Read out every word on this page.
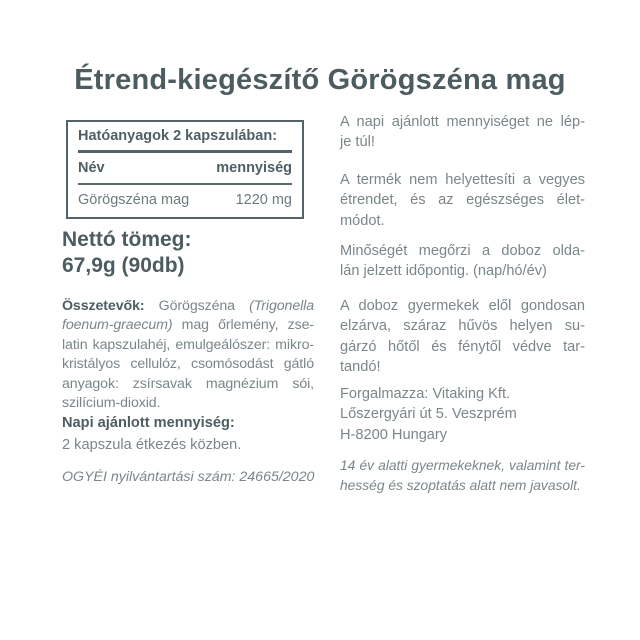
Étrend-kiegészítő Görögszéna mag
Hatóanyagok 2 kapszulában:
Név	mennyiség
Görögszéna mag	1220 mg
Nettó tömeg:
67,9g (90db)
Összetevők: Görögszéna (Trigonella
foenum-graecum) mag őrlemény, zse-
latin kapszulahéj, emulgeálószer: mikro-
kristályos cellulóz, csomósodást gátló
anyagok: zsírsavak magnézium sói,
szilícium-dioxid.
Napi ajánlott mennyiség:
2 kapszula étkezés közben.
OGYÉI nyilvántartási szám: 24665/2020
A napi ajánlott mennyiséget ne lép-
je túl!
A termék nem helyettesíti a vegyes
étrendet, és az egészséges élet-
módot.
Minőségét megőrzi a doboz olda-
lán jelzett időpontig. (nap/hó/év)
A doboz gyermekek elől gondosan
elzárva, száraz hűvös helyen su-
gárzó hőtől és fénytől védve tar-
tandó!
Forgalmazza: Vitaking Kft.
Lőszergyári út 5. Veszprém
H-8200 Hungary
14 év alatti gyermekeknek, valamint ter-
hesség és szoptatás alatt nem javasolt.
